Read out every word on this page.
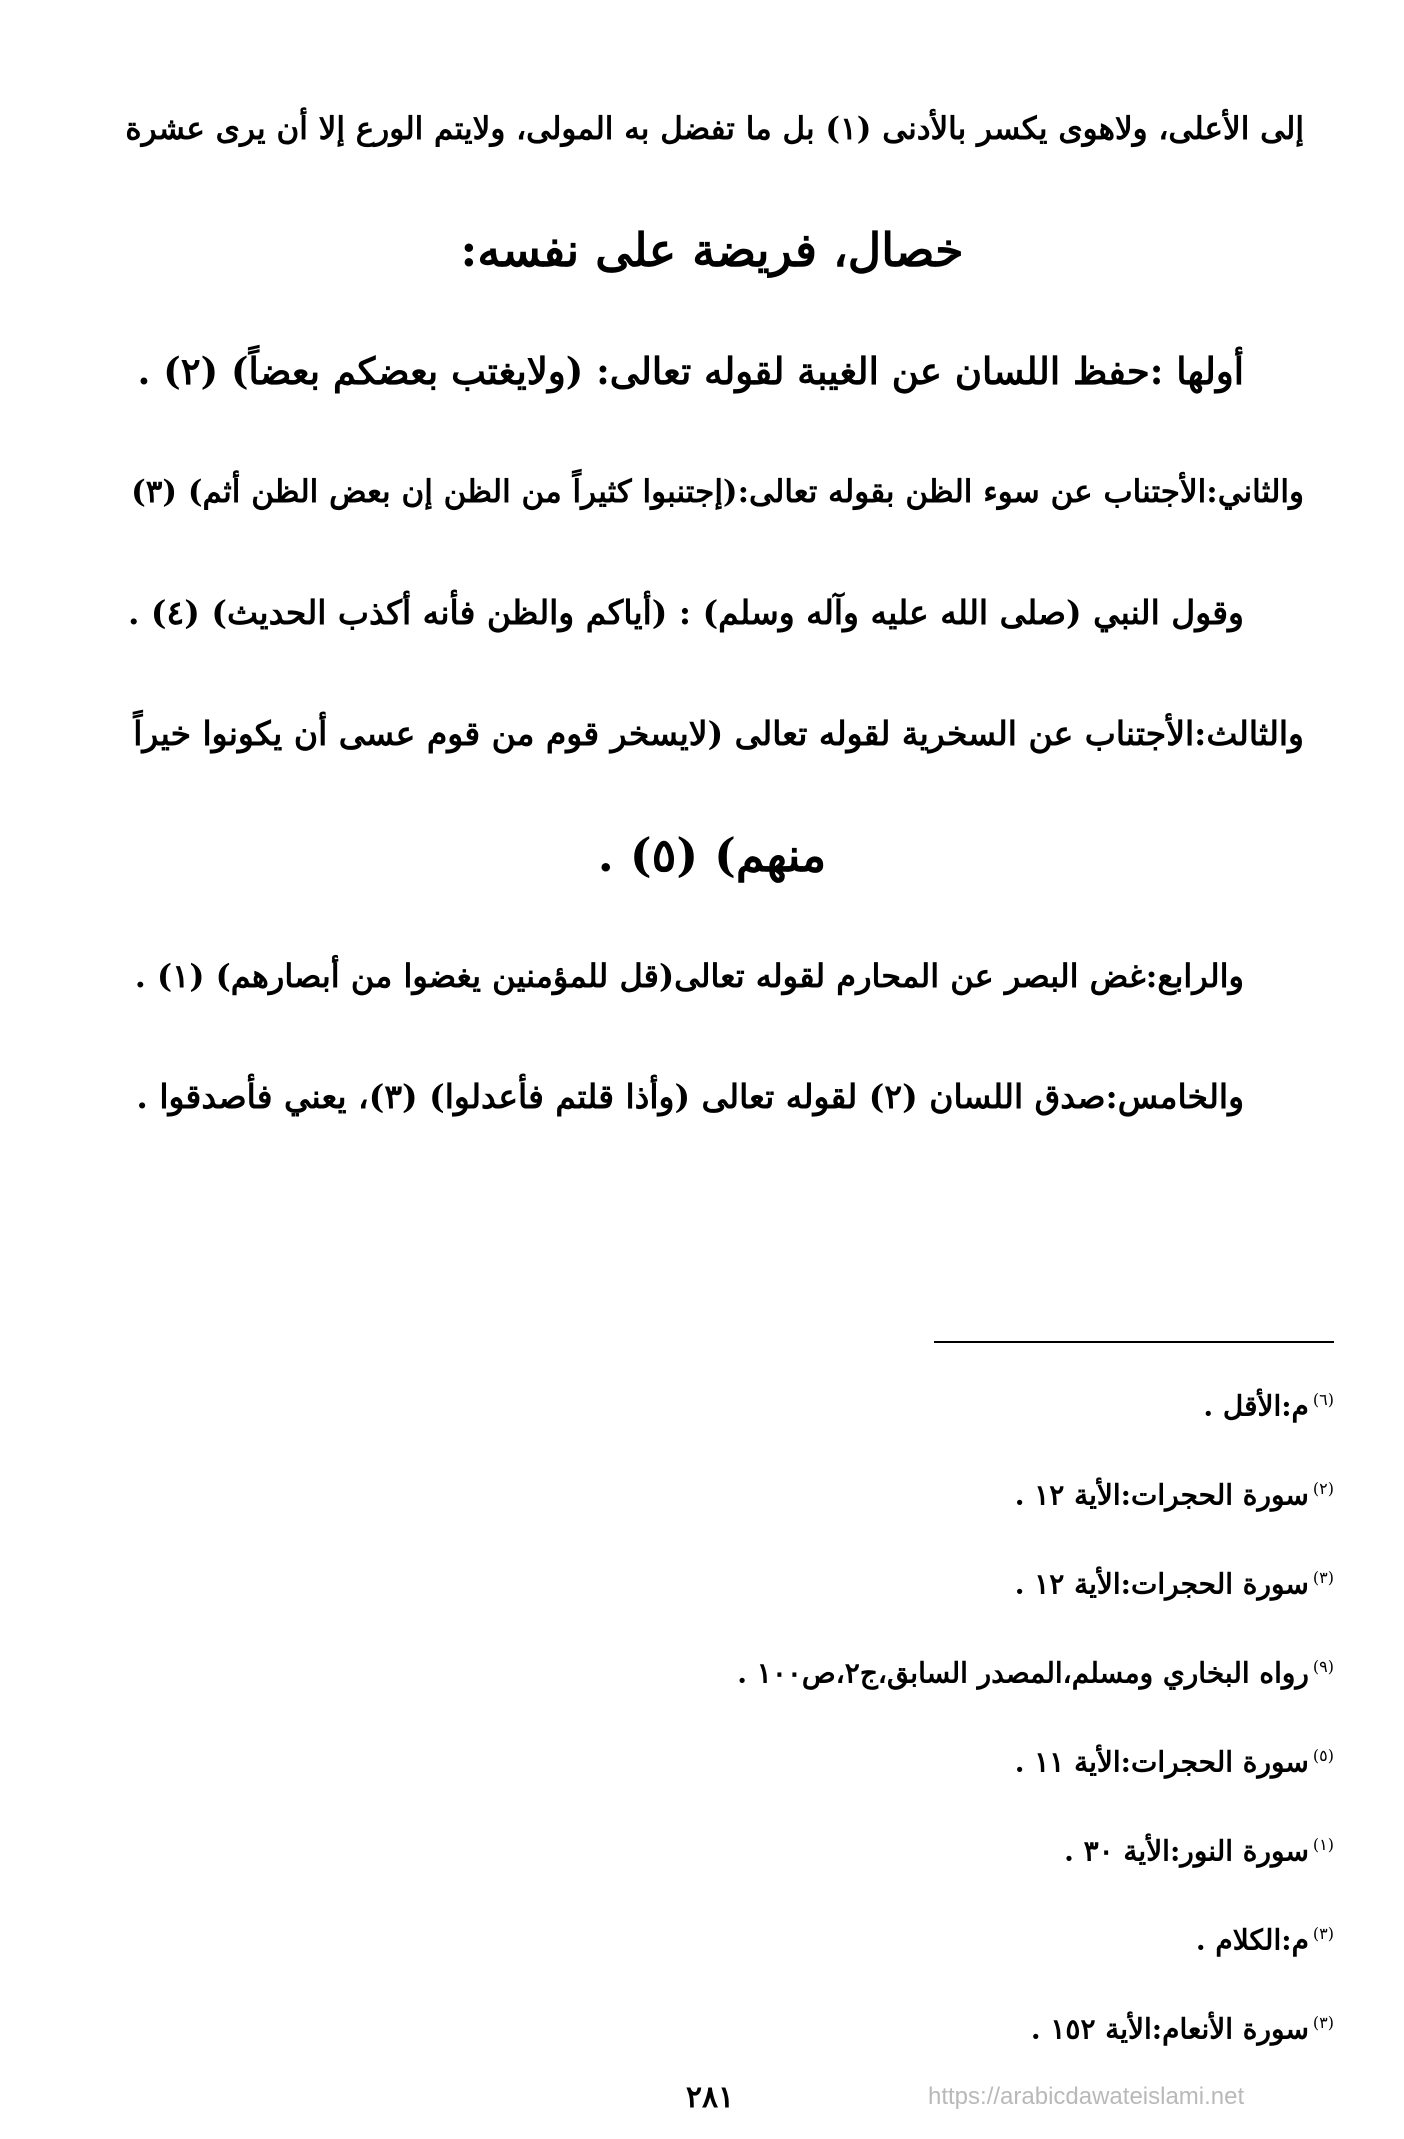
إلى الأعلى، ولاهوى يكسر بالأدنى (١) بل ما تفضل به المولى، ولايتم الورع إلا أن يرى عشرة
خصال، فريضة على نفسه:
أولها :حفظ اللسان عن الغيبة لقوله تعالى: (ولايغتب بعضكم بعضاً) (٢) .
والثاني:الأجتناب عن سوء الظن بقوله تعالى:(إجتنبوا كثيراً من الظن إن بعض الظن أثم) (٣)
وقول النبي (صلى الله عليه وآله وسلم) : (أياكم والظن فأنه أكذب الحديث) (٤) .
والثالث:الأجتناب عن السخرية لقوله تعالى (لايسخر قوم من قوم عسى أن يكونوا خيراً
منهم) (٥) .
والرابع:غض البصر عن المحارم لقوله تعالى(قل للمؤمنين يغضوا من أبصارهم) (١) .
والخامس:صدق اللسان (٢) لقوله تعالى (وأذا قلتم فأعدلوا) (٣)، يعني فأصدقوا .
$^{(٦)}$م:الأقل .
$^{(٢)}$سورة الحجرات:الأية ١٢ .
$^{(٣)}$سورة الحجرات:الأية ١٢ .
$^{(٩)}$رواه البخاري ومسلم،المصدر السابق،ج٢،ص١٠٠ .
$^{(٥)}$سورة الحجرات:الأية ١١ .
$^{(١)}$سورة النور:الأية ٣٠ .
$^{(٣)}$م:الكلام .
$^{(٣)}$سورة الأنعام:الأية ١٥٢ .
٢٨١	https://arabicdawateislami.net
